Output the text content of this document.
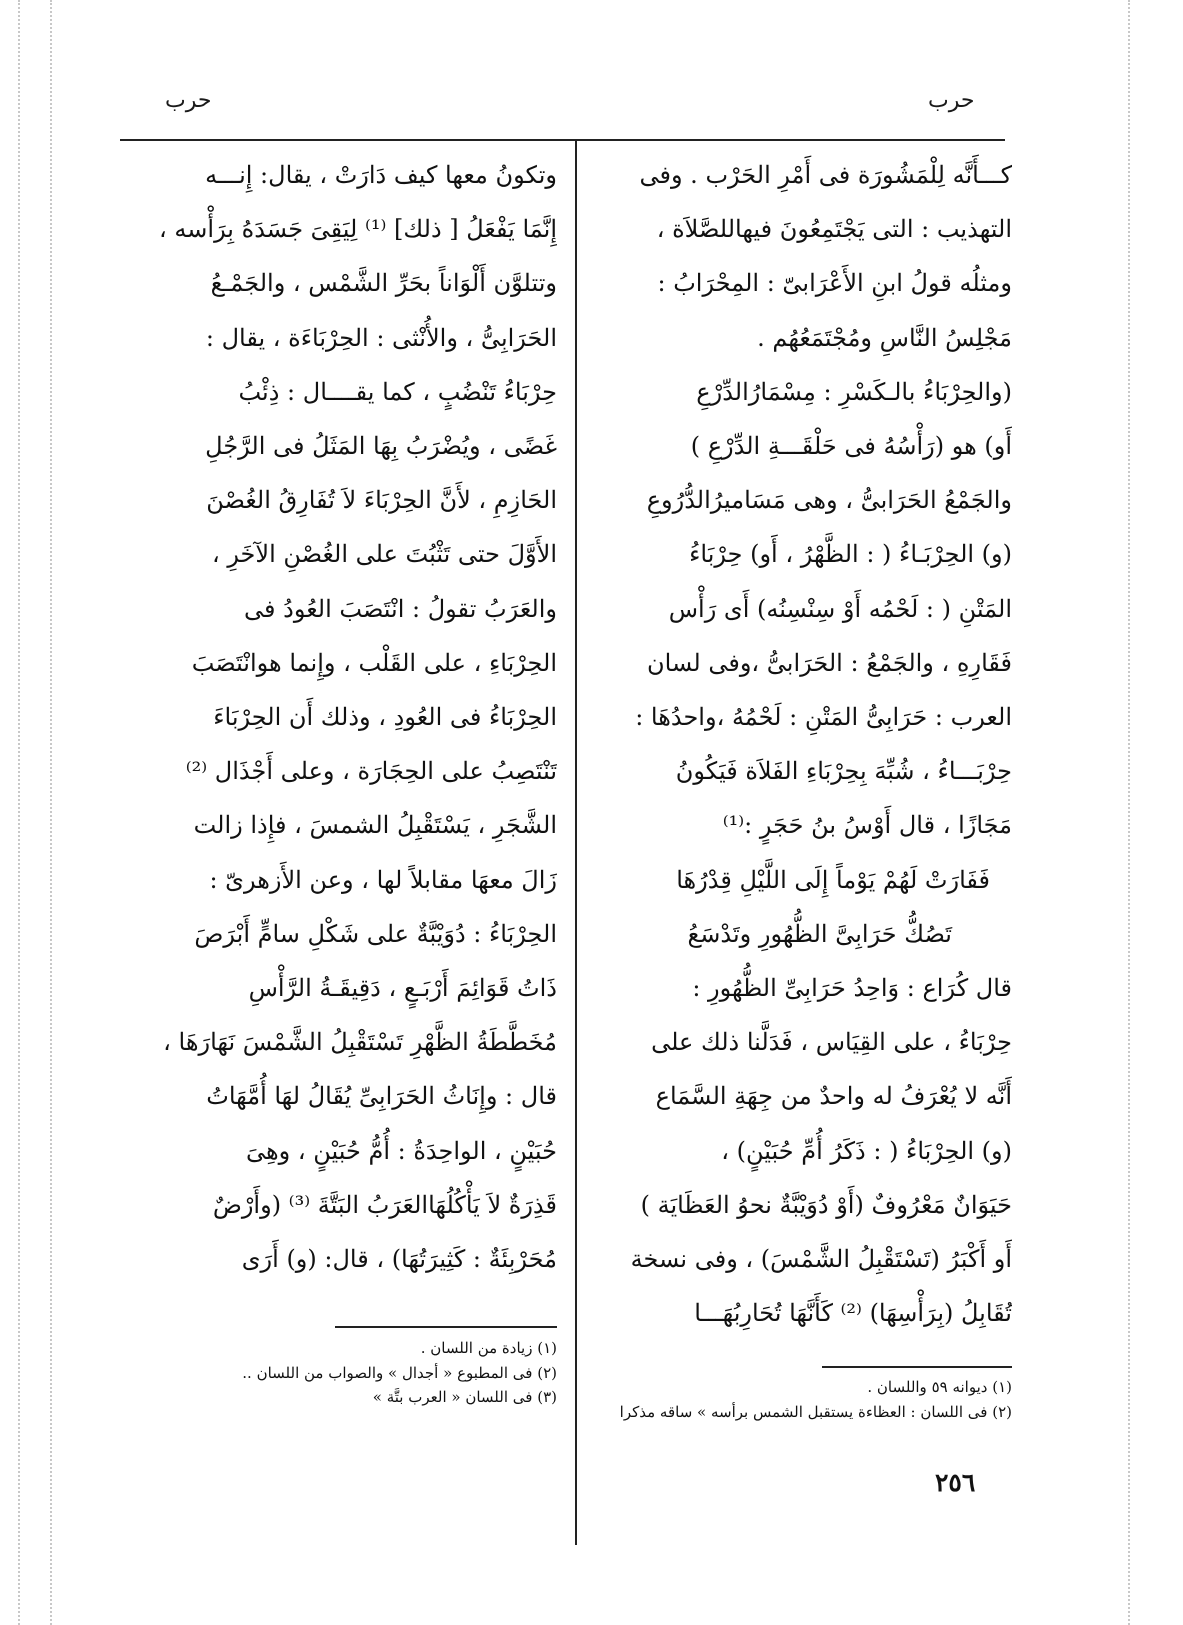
حرب	حرب
كـــأَنَّه لِلْمَشُورَة فى أَمْرِ الحَرْب . وفى
التهذيب : التى يَجْتَمِعُونَ فيهاللصَّلاَة ،
ومثلُه قولُ ابنِ الأَعْرَابىّ : المِحْرَابُ :
مَجْلِسُ النَّاسِ ومُجْتَمَعُهُم .
(والحِرْبَاءُ بالـكَسْرِ : مِسْمَارُالدِّرْعِ
أَو) هو (رَأْسُهُ فى حَلْقَـــةِ الدِّرْعِ )
والجَمْعُ الحَرَابىُّ ، وهى مَسَاميرُالدُّرُوعِ
(و) الحِرْبَـاءُ ( : الظَّهْرُ ، أَو) حِرْبَاءُ
المَتْنِ ( : لَحْمُه أَوْ سِنْسِنُه) أَى رَأْس
فَقَارِهِ ، والجَمْعُ : الحَرَابىُّ ،وفى لسان
العرب : حَرَابِىُّ المَتْنِ : لَحْمُهُ ،واحدُهَا :
حِرْبَـــاءُ ، شُبِّهَ بِحِرْبَاءِ الفَلاَة فَيَكُونُ
مَجَازًا ، قال أَوْسُ بنُ حَجَرٍ :⁽¹⁾
فَفَارَتْ لَهُمْ يَوْماً إِلَى اللَّيْلِ قِدْرُهَا
تَصُكُّ حَرَابِىَّ الظُّهُورِ وتَدْسَعُ
قال كُرَاع : وَاحِدُ حَرَابِىِّ الظُّهُورِ :
حِرْبَاءُ ، على القِيَاس ، فَدَلَّنا ذلك على
أَنَّه لا يُعْرَفُ له واحدٌ من جِهَةِ السَّمَاع
(و) الحِرْبَاءُ ( : ذَكَرُ أُمِّ حُبَيْنٍ) ،
حَيَوَانٌ مَعْرُوفٌ (أَوْ دُوَيْبَّةٌ نحوُ العَظَايَة )
أَو أَكْبَرُ (تَسْتَقْبِلُ الشَّمْسَ) ، وفى نسخة
تُقَابِلُ (بِرَأْسِهَا) ⁽²⁾ كَأَنَّهَا تُحَارِبُهَـــا
وتكونُ معها كيف دَارَتْ ، يقال: إِنـــه
إِنَّمَا يَفْعَلُ [ ذلك] ⁽¹⁾ لِيَقِىَ جَسَدَهُ بِرَأْسه ،
وتتلوَّن أَلْوَاناً بحَرِّ الشَّمْس ، والجَمْـعُ
الحَرَابِىُّ ، والأُنْثى : الحِرْبَاءَة ، يقال :
حِرْبَاءُ تَنْضُبٍ ، كما يقــــال : ذِئْبُ
غَضًى ، ويُضْرَبُ بِهَا المَثَلُ فى الرَّجُلِ
الحَازِمِ ، لأَنَّ الحِرْبَاءَ لاَ تُفَارِقُ الغُصْنَ
الأَوَّلَ حتى تَثْبُتَ على الغُصْنِ الآخَرِ ،
والعَرَبُ تقولُ : انْتَصَبَ العُودُ فى
الحِرْبَاءِ ، على القَلْب ، وإِنما هوانْتَصَبَ
الحِرْبَاءُ فى العُودِ ، وذلك أَن الحِرْبَاءَ
تَنْتَصِبُ على الحِجَارَة ، وعلى أَجْذَال ⁽²⁾
الشَّجَرِ ، يَسْتَقْبِلُ الشمسَ ، فإِذا زالت
زَالَ معهَا مقابلاً لها ، وعن الأَزهرىّ :
الحِرْبَاءُ : دُوَيْبَّةٌ على شَكْلِ سامٍّ أَبْرَصَ
ذَاتُ قَوَائِمَ أَرْبَـعٍ ، دَقِيقَـةُ الرَّأْسِ
مُخَطَّطَةُ الظَّهْرِ تَسْتَقْبِلُ الشَّمْسَ نَهَارَهَا ،
قال : وإِنَاثُ الحَرَابِىِّ يُقَالُ لهَا أُمَّهَاتُ
حُبَيْنٍ ، الواحِدَةُ : أُمُّ حُبَيْنٍ ، وهِىَ
قَذِرَةٌ لاَ يَأْكُلُهَاالعَرَبُ البَتَّةَ ⁽³⁾ (وأَرْضٌ
مُحَرْبِئَةٌ : كَثِيرَتُهَا) ، قال: (و) أَرَى
(١) ديوانه ٥٩ واللسان .
(٢) فى اللسان : العظاءة يستقبل الشمس برأسه » ساقه مذكرا
(١) زيادة من اللسان .
(٢) فى المطبوع « أجدال » والصواب من اللسان ..
(٣) فى اللسان « العرب بتَّة »
٢٥٦
